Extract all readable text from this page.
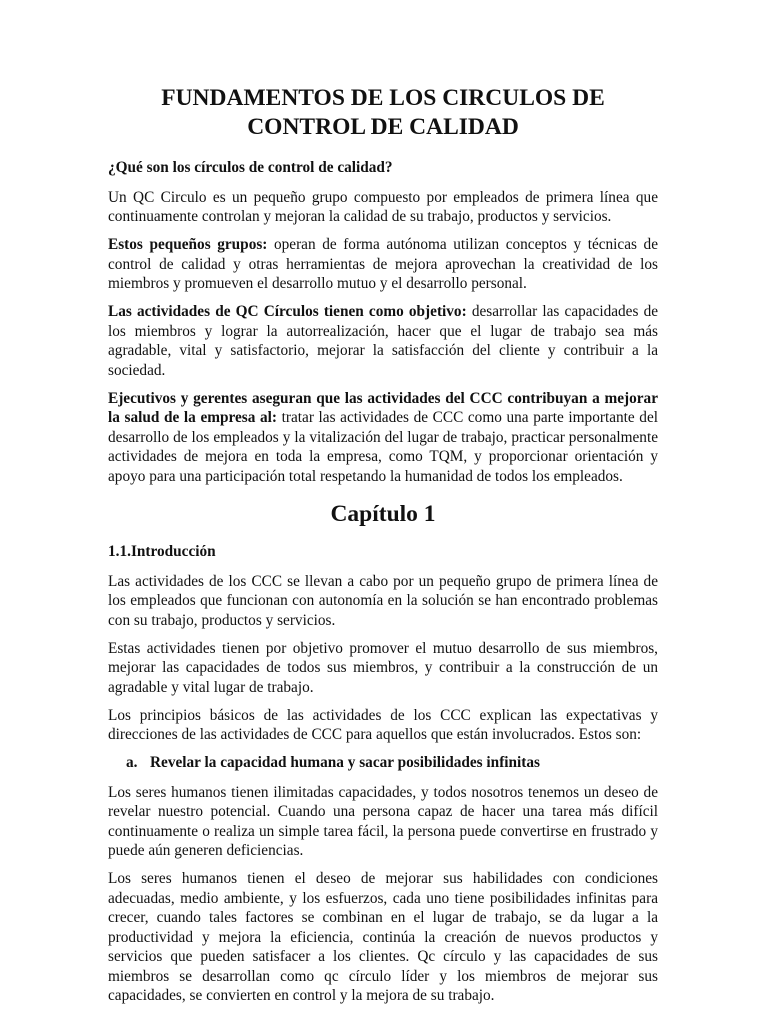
FUNDAMENTOS DE LOS CIRCULOS DE
CONTROL DE CALIDAD

¿Qué son los círculos de control de calidad?

Un QC Circulo es un pequeño grupo compuesto por empleados de primera línea que continuamente controlan y mejoran la calidad de su trabajo, productos y servicios.

Estos pequeños grupos: operan de forma autónoma utilizan conceptos y técnicas de control de calidad y otras herramientas de mejora aprovechan la creatividad de los miembros y promueven el desarrollo mutuo y el desarrollo personal.

Las actividades de QC Círculos tienen como objetivo: desarrollar las capacidades de los miembros y lograr la autorrealización, hacer que el lugar de trabajo sea más agradable, vital y satisfactorio, mejorar la satisfacción del cliente y contribuir a la sociedad.

Ejecutivos y gerentes aseguran que las actividades del CCC contribuyan a mejorar la salud de la empresa al: tratar las actividades de CCC como una parte importante del desarrollo de los empleados y la vitalización del lugar de trabajo, practicar personalmente actividades de mejora en toda la empresa, como TQM, y proporcionar orientación y apoyo para una participación total respetando la humanidad de todos los empleados.

Capítulo 1
1.1.Introducción

Las actividades de los CCC se llevan a cabo por un pequeño grupo de primera línea de los empleados que funcionan con autonomía en la solución se han encontrado problemas con su trabajo, productos y servicios.

Estas actividades tienen por objetivo promover el mutuo desarrollo de sus miembros, mejorar las capacidades de todos sus miembros, y contribuir a la construcción de un agradable y vital lugar de trabajo.

Los principios básicos de las actividades de los CCC explican las expectativas y direcciones de las actividades de CCC para aquellos que están involucrados. Estos son:

a. Revelar la capacidad humana y sacar posibilidades infinitas

Los seres humanos tienen ilimitadas capacidades, y todos nosotros tenemos un deseo de revelar nuestro potencial. Cuando una persona capaz de hacer una tarea más difícil continuamente o realiza un simple tarea fácil, la persona puede convertirse en frustrado y puede aún generen deficiencias.

Los seres humanos tienen el deseo de mejorar sus habilidades con condiciones adecuadas, medio ambiente, y los esfuerzos, cada uno tiene posibilidades infinitas para crecer, cuando tales factores se combinan en el lugar de trabajo, se da lugar a la productividad y mejora la eficiencia, continúa la creación de nuevos productos y servicios que pueden satisfacer a los clientes. Qc círculo y las capacidades de sus miembros se desarrollan como qc círculo líder y los miembros de mejorar sus capacidades, se convierten en control y la mejora de su trabajo.
